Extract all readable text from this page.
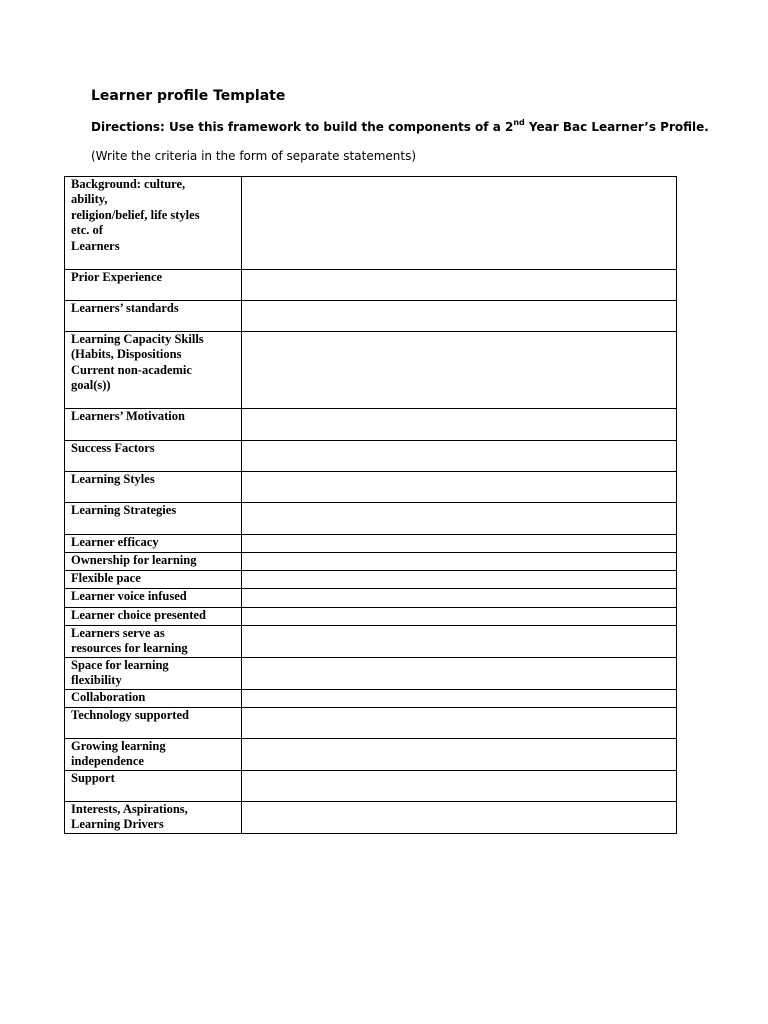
Learner profile Template
Directions: Use this framework to build the components of a 2nd Year Bac Learner’s Profile.
(Write the criteria in the form of separate statements)
Background: culture,
ability,
religion/belief, life styles
etc. of
Learners	

Prior Experience	

Learners’ standards	

Learning Capacity Skills
(Habits, Dispositions
Current non-academic
goal(s))	

Learners’ Motivation	

Success Factors	

Learning Styles	

Learning Strategies	

Learner efficacy	

Ownership for learning	

Flexible pace	

Learner voice infused	

Learner choice presented	

Learners serve as
resources for learning	

Space for learning
flexibility	

Collaboration	

Technology supported	

Growing learning
independence	

Support	

Interests, Aspirations,
Learning Drivers	
